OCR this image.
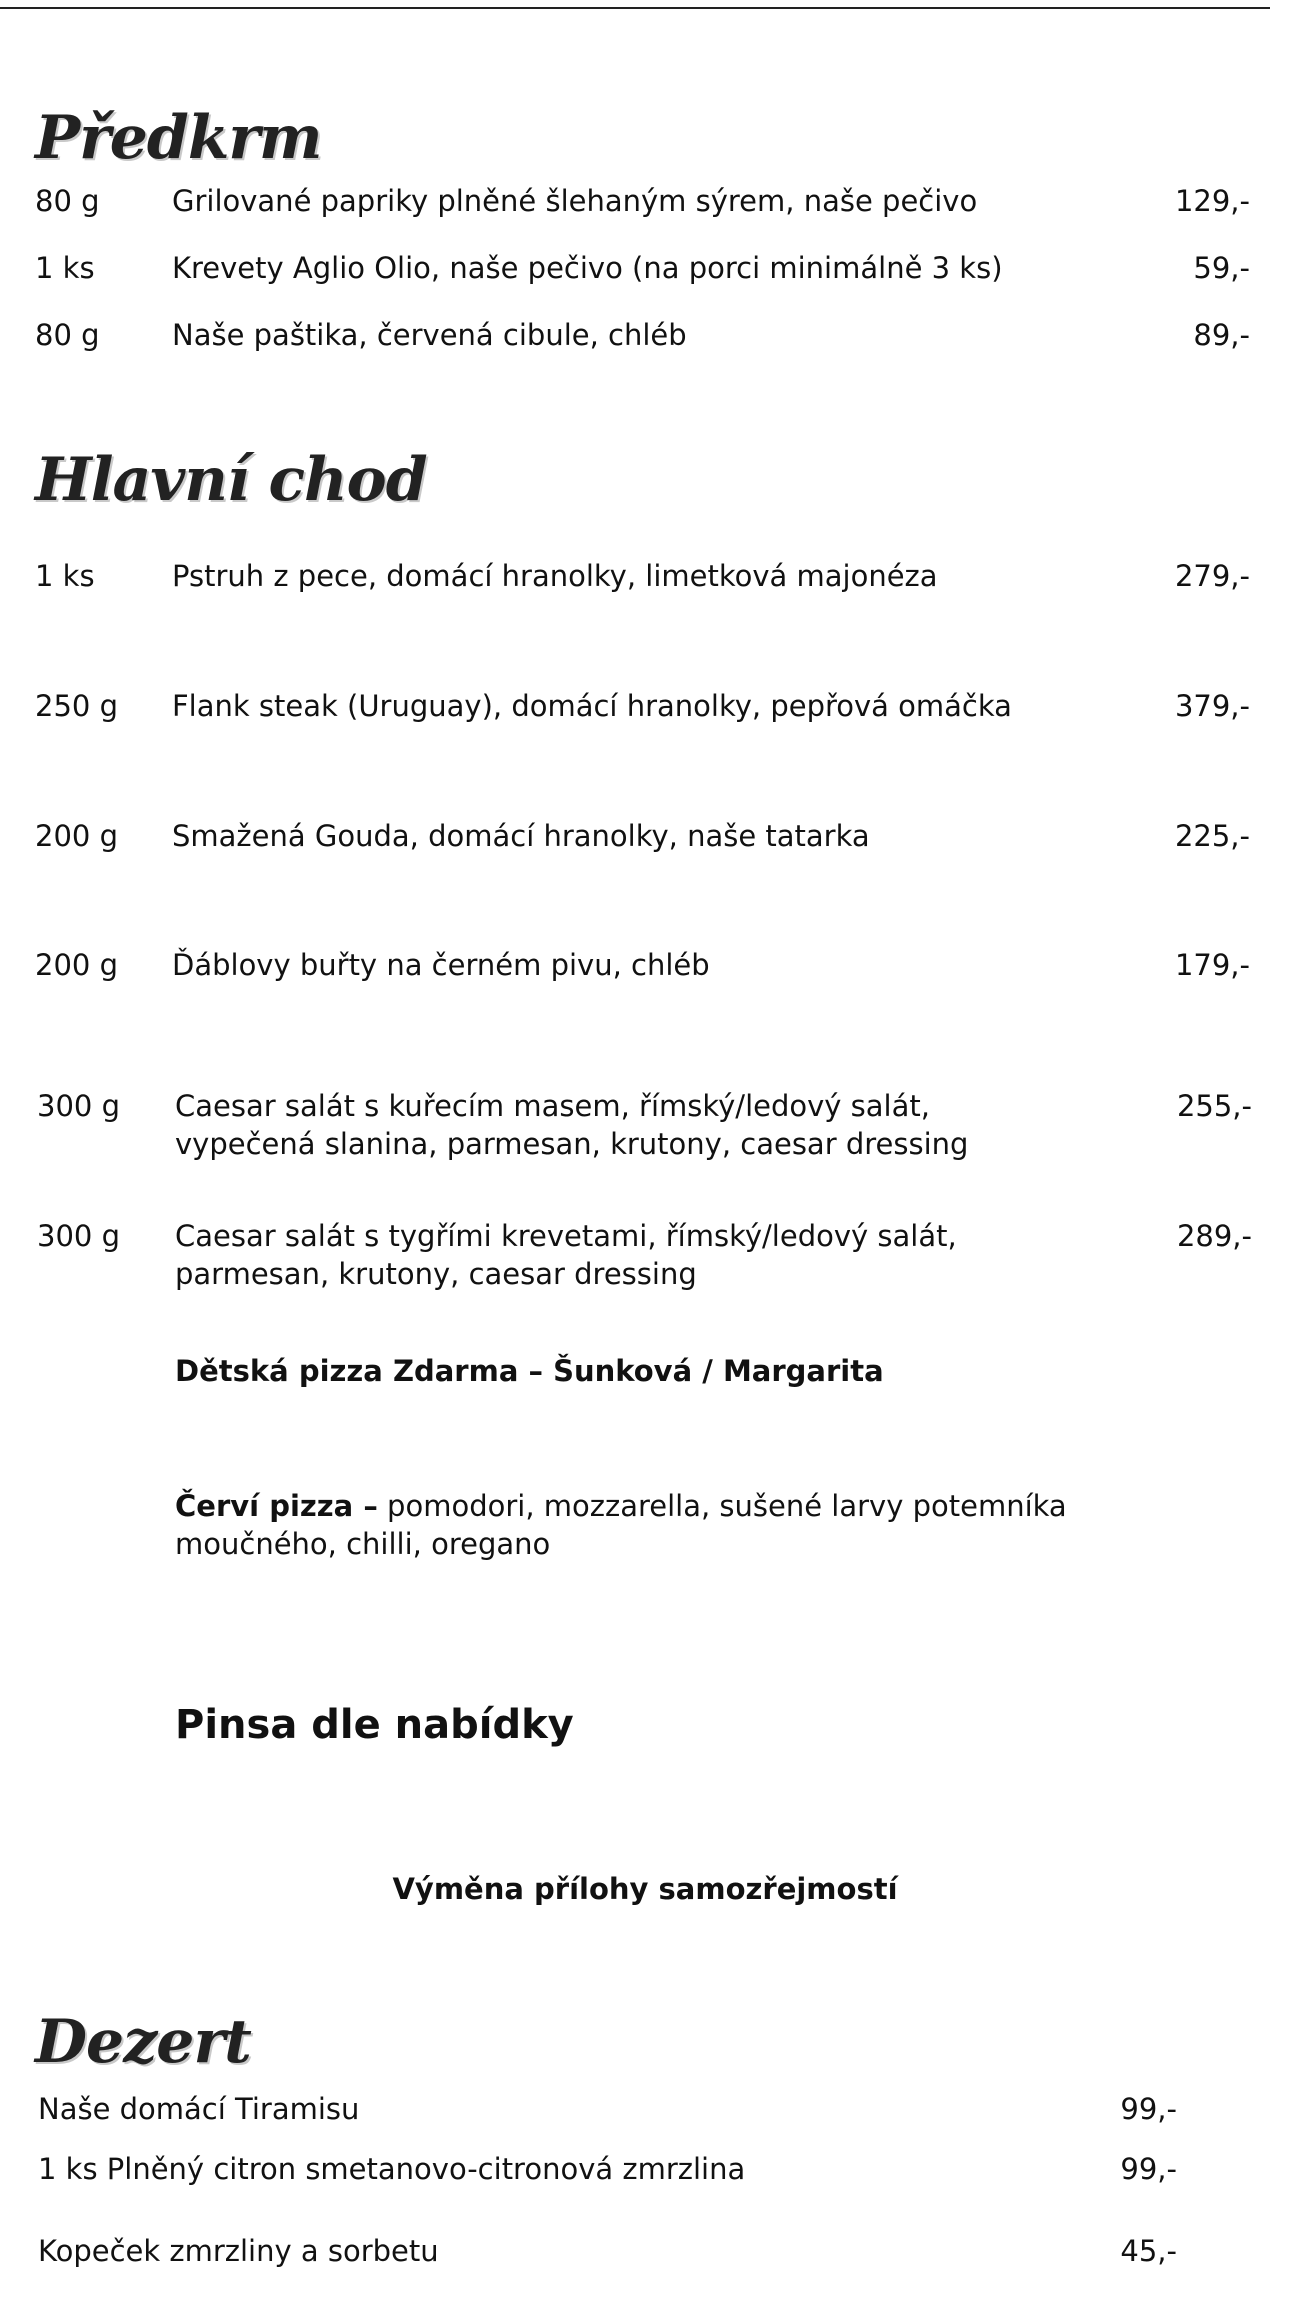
Předkrm
80 g Grilované papriky plněné šlehaným sýrem, naše pečivo	129,-
1 ks	Krevety Aglio Olio, naše pečivo (na porci minimálně 3 ks)	59,-
80 g Naše paštika, červená cibule, chléb	89,-
Hlavní chod
1 ks	Pstruh z pece, domácí hranolky, limetková majonéza	279,-
250 g Flank steak (Uruguay), domácí hranolky, pepřová omáčka	379,-
200 g Smažená Gouda, domácí hranolky, naše tatarka	225,-
200 g Ďáblovy buřty na černém pivu, chléb	179,-
300 g Caesar salát s kuřecím masem, římský/ledový salát,
vypečená slanina, parmesan, krutony, caesar dressing
255,-
300 g Caesar salát s tygřími krevetami, římský/ledový salát,
parmesan, krutony, caesar dressing
289,-
Dětská pizza Zdarma – Šunková / Margarita
Červí pizza – pomodori, mozzarella, sušené larvy potemníka
moučného, chilli, oregano
Pinsa dle nabídky
Výměna přílohy samozřejmostí
Dezert
Naše domácí Tiramisu	99,-
1 ks Plněný citron smetanovo-citronová zmrzlina	99,-
Kopeček zmrzliny a sorbetu	45,-
